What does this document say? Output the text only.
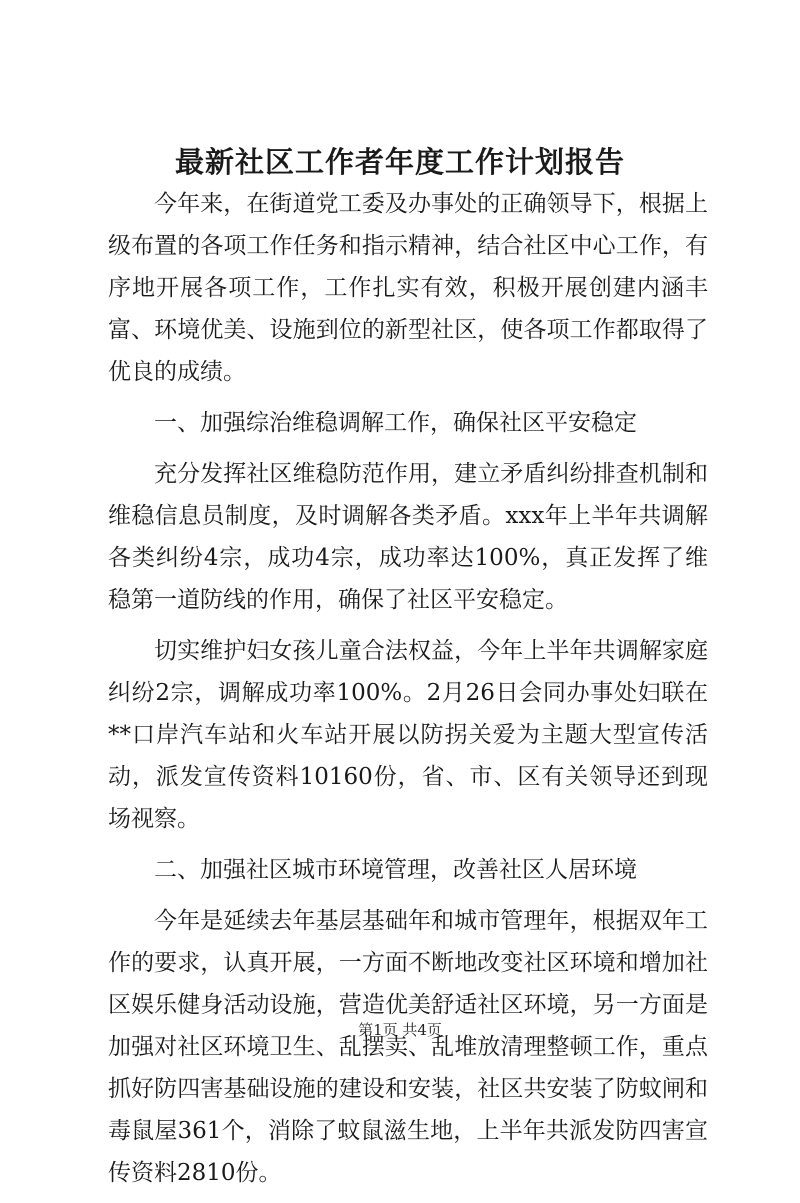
最新社区工作者年度工作计划报告

今年来，在街道党工委及办事处的正确领导下，根据上级布置的各项工作任务和指示精神，结合社区中心工作，有序地开展各项工作，工作扎实有效，积极开展创建内涵丰富、环境优美、设施到位的新型社区，使各项工作都取得了优良的成绩。

一、加强综治维稳调解工作，确保社区平安稳定

充分发挥社区维稳防范作用，建立矛盾纠纷排查机制和维稳信息员制度，及时调解各类矛盾。xxx年上半年共调解各类纠纷4宗，成功4宗，成功率达100%，真正发挥了维稳第一道防线的作用，确保了社区平安稳定。

切实维护妇女孩儿童合法权益，今年上半年共调解家庭纠纷2宗，调解成功率100%。2月26日会同办事处妇联在**口岸汽车站和火车站开展以防拐关爱为主题大型宣传活动，派发宣传资料10160份，省、市、区有关领导还到现场视察。

二、加强社区城市环境管理，改善社区人居环境

今年是延续去年基层基础年和城市管理年，根据双年工作的要求，认真开展，一方面不断地改变社区环境和增加社区娱乐健身活动设施，营造优美舒适社区环境，另一方面是加强对社区环境卫生、乱摆卖、乱堆放清理整顿工作，重点抓好防四害基础设施的建设和安装，社区共安装了防蚊闸和毒鼠屋361个，消除了蚊鼠滋生地，上半年共派发防四害宣传资料2810份。

第1页 共4页
